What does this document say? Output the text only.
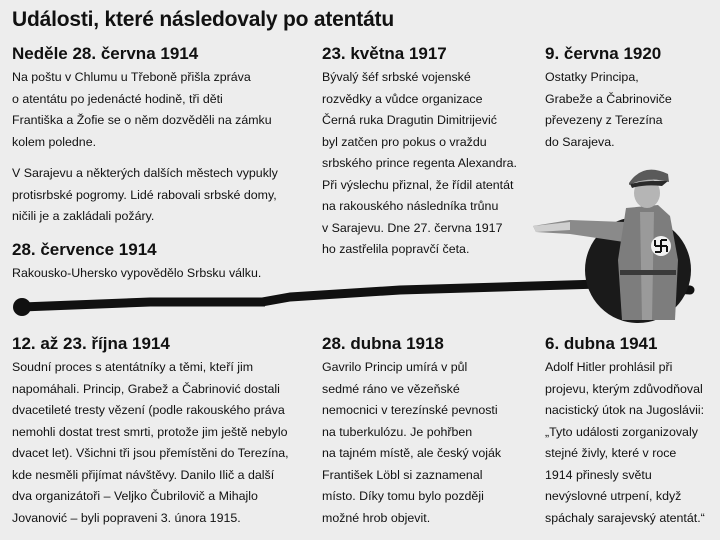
Události, které následovaly po atentátu
Neděle 28. června 1914
Na poštu v Chlumu u Třeboně přišla zpráva
o atentátu po jedenácté hodině, tři děti
Františka a Žofie se o něm dozvěděli na zámku
kolem poledne.
V Sarajevu a některých dalších městech vypukly
protisrbské pogromy. Lidé rabovali srbské domy,
ničili je a zakládali požáry.
28. července 1914
Rakousko-Uhersko vypovědělo Srbsku válku.
23. května 1917
Bývalý šéf srbské vojenské
rozvědky a vůdce organizace
Černá ruka Dragutin Dimitrijević
byl zatčen pro pokus o vraždu
srbského prince regenta Alexandra.
Při výslechu přiznal, že řídil atentát
na rakouského následníka trůnu
v Sarajevu. Dne 27. června 1917
ho zastřelila popravčí četa.
9. června 1920
Ostatky Principa,
Grabeže a Čabrinoviče
převezeny z Terezína
do Sarajeva.
12. až 23. října 1914
Soudní proces s atentátníky a těmi, kteří jim
napomáhali. Princip, Grabež a Čabrinović dostali
dvacetileté tresty vězení (podle rakouského práva
nemohli dostat trest smrti, protože jim ještě nebylo
dvacet let). Všichni tři jsou přemístěni do Terezína,
kde nesměli přijímat návštěvy. Danilo Ilič a další
dva organizátoři – Veljko Čubrilovič a Mihajlo
Jovanović – byli popraveni 3. února 1915.
28. dubna 1918
Gavrilo Princip umírá v půl
sedmé ráno ve vězeňské
nemocnici v terezínské pevnosti
na tuberkulózu. Je pohřben
na tajném místě, ale český voják
František Löbl si zaznamenal
místo. Díky tomu bylo později
možné hrob objevit.
6. dubna 1941
Adolf Hitler prohlásil při
projevu, kterým zdůvodňoval
nacistický útok na Jugoslávii:
„Tyto události zorganizovaly
stejné živly, které v roce
1914 přinesly světu
nevýslovné utrpení, když
spáchaly sarajevský atentát.“
